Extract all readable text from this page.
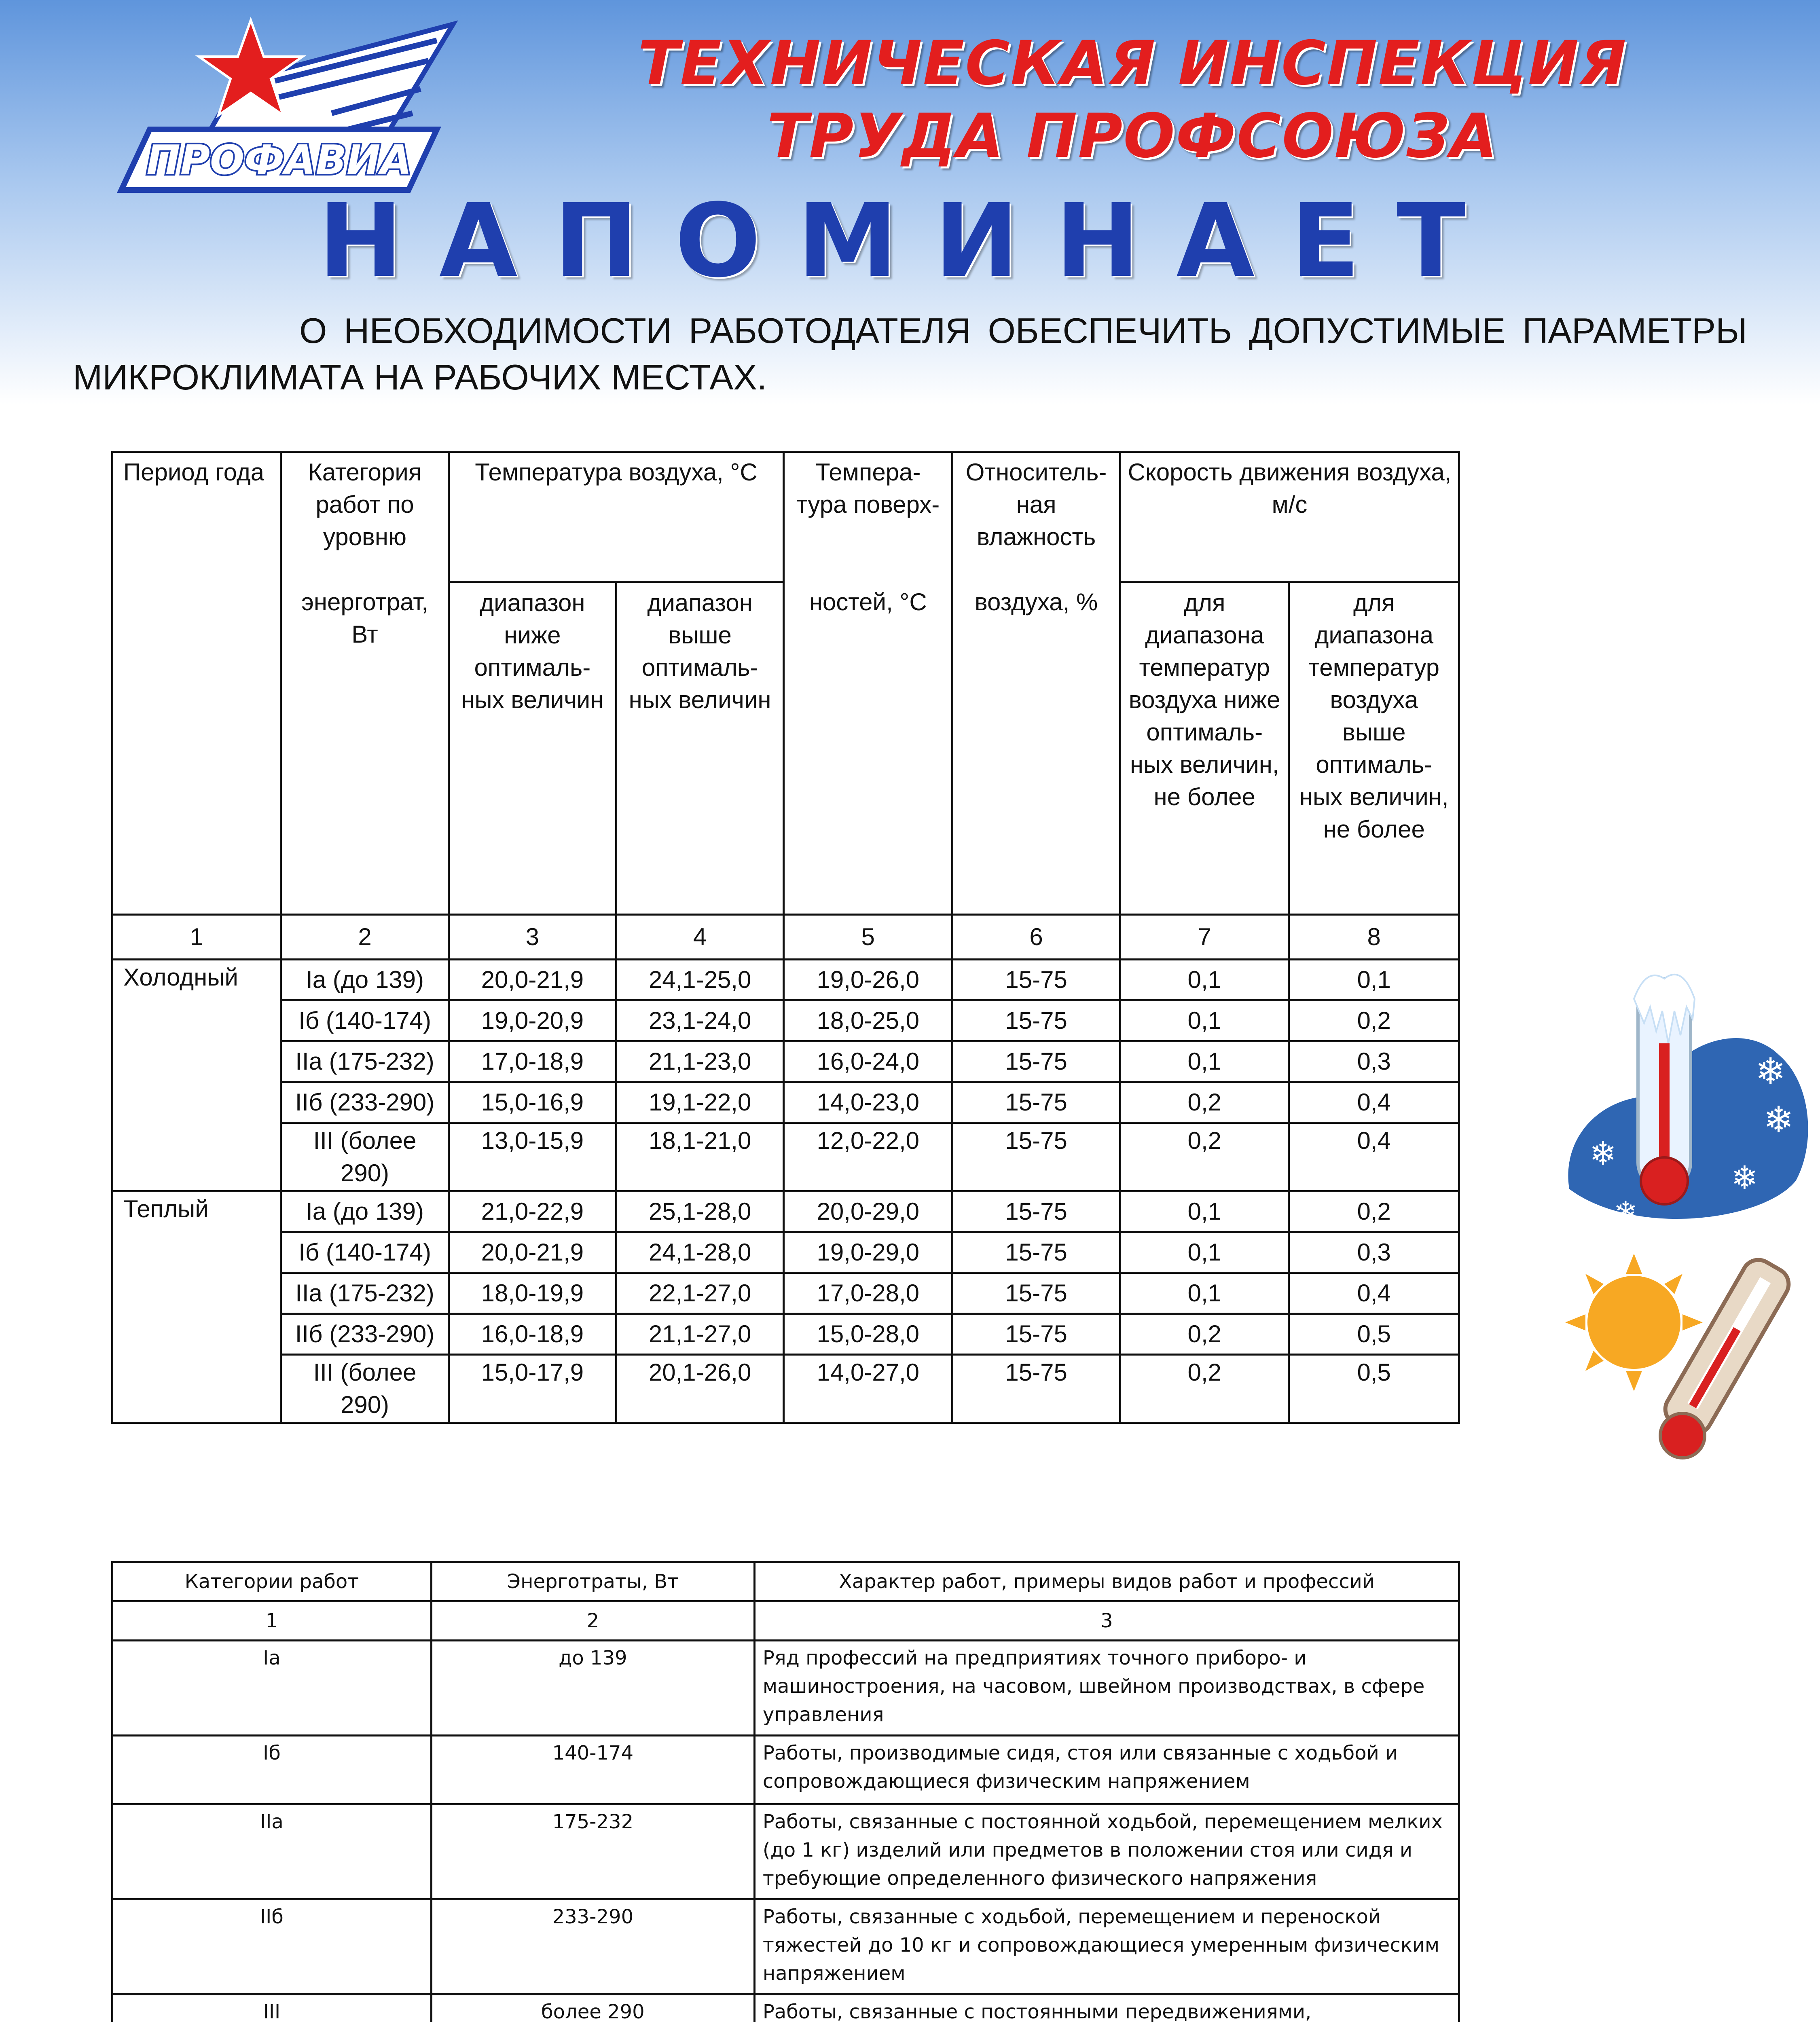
ПРОФАВИА
ТЕХНИЧЕСКАЯ ИНСПЕКЦИЯ
ТРУДА ПРОФСОЮЗА
НАПОМИНАЕТ
О НЕОБХОДИМОСТИ РАБОТОДАТЕЛЯ ОБЕСПЕЧИТЬ ДОПУСТИМЫЕ ПАРАМЕТРЫ МИКРОКЛИМАТА НА РАБОЧИХ МЕСТАХ.
Период года	Категория работ по уровню	Температура воздуха, °С		Темпера-тура поверх-	Относитель-ная влажность	Скорость движения воздуха, м/с	
	энерготрат, Вт	диапазон ниже оптималь-ных величин	диапазон выше оптималь-ных величин	ностей, °С	воздуха, %	для диапазона температур воздуха ниже оптималь-ных величин, не более	для диапазона температур воздуха выше оптималь-ных величин, не более
1	2	3	4	5	6	7	8
Холодный	Iа (до 139)	20,0-21,9	24,1-25,0	19,0-26,0	15-75	0,1	0,1
	Iб (140-174)	19,0-20,9	23,1-24,0	18,0-25,0	15-75	0,1	0,2
	IIа (175-232)	17,0-18,9	21,1-23,0	16,0-24,0	15-75	0,1	0,3
	IIб (233-290)	15,0-16,9	19,1-22,0	14,0-23,0	15-75	0,2	0,4
	III (более 290)	13,0-15,9	18,1-21,0	12,0-22,0	15-75	0,2	0,4
Теплый	Iа (до 139)	21,0-22,9	25,1-28,0	20,0-29,0	15-75	0,1	0,2
	Iб (140-174)	20,0-21,9	24,1-28,0	19,0-29,0	15-75	0,1	0,3
	IIа (175-232)	18,0-19,9	22,1-27,0	17,0-28,0	15-75	0,1	0,4
	IIб (233-290)	16,0-18,9	21,1-27,0	15,0-28,0	15-75	0,2	0,5
	III (более 290)	15,0-17,9	20,1-26,0	14,0-27,0	15-75	0,2	0,5
❄
❄
❄
❄
❄
Категории работ	Энерготраты, Вт	Характер работ, примеры видов работ и профессий
1	2	3
Iа	до 139	Ряд профессий на предприятиях точного приборо- и машиностроения, на часовом, швейном производствах, в сфере управления
Iб	140-174	Работы, производимые сидя, стоя или связанные с ходьбой и сопровождающиеся физическим напряжением
IIа	175-232	Работы, связанные с постоянной ходьбой, перемещением мелких (до 1 кг) изделий или предметов в положении стоя или сидя и требующие определенного физического напряжения
IIб	233-290	Работы, связанные с ходьбой, перемещением и переноской тяжестей до 10 кг и сопровождающиеся умеренным физическим напряжением
III	более 290	Работы, связанные с постоянными передвижениями,
